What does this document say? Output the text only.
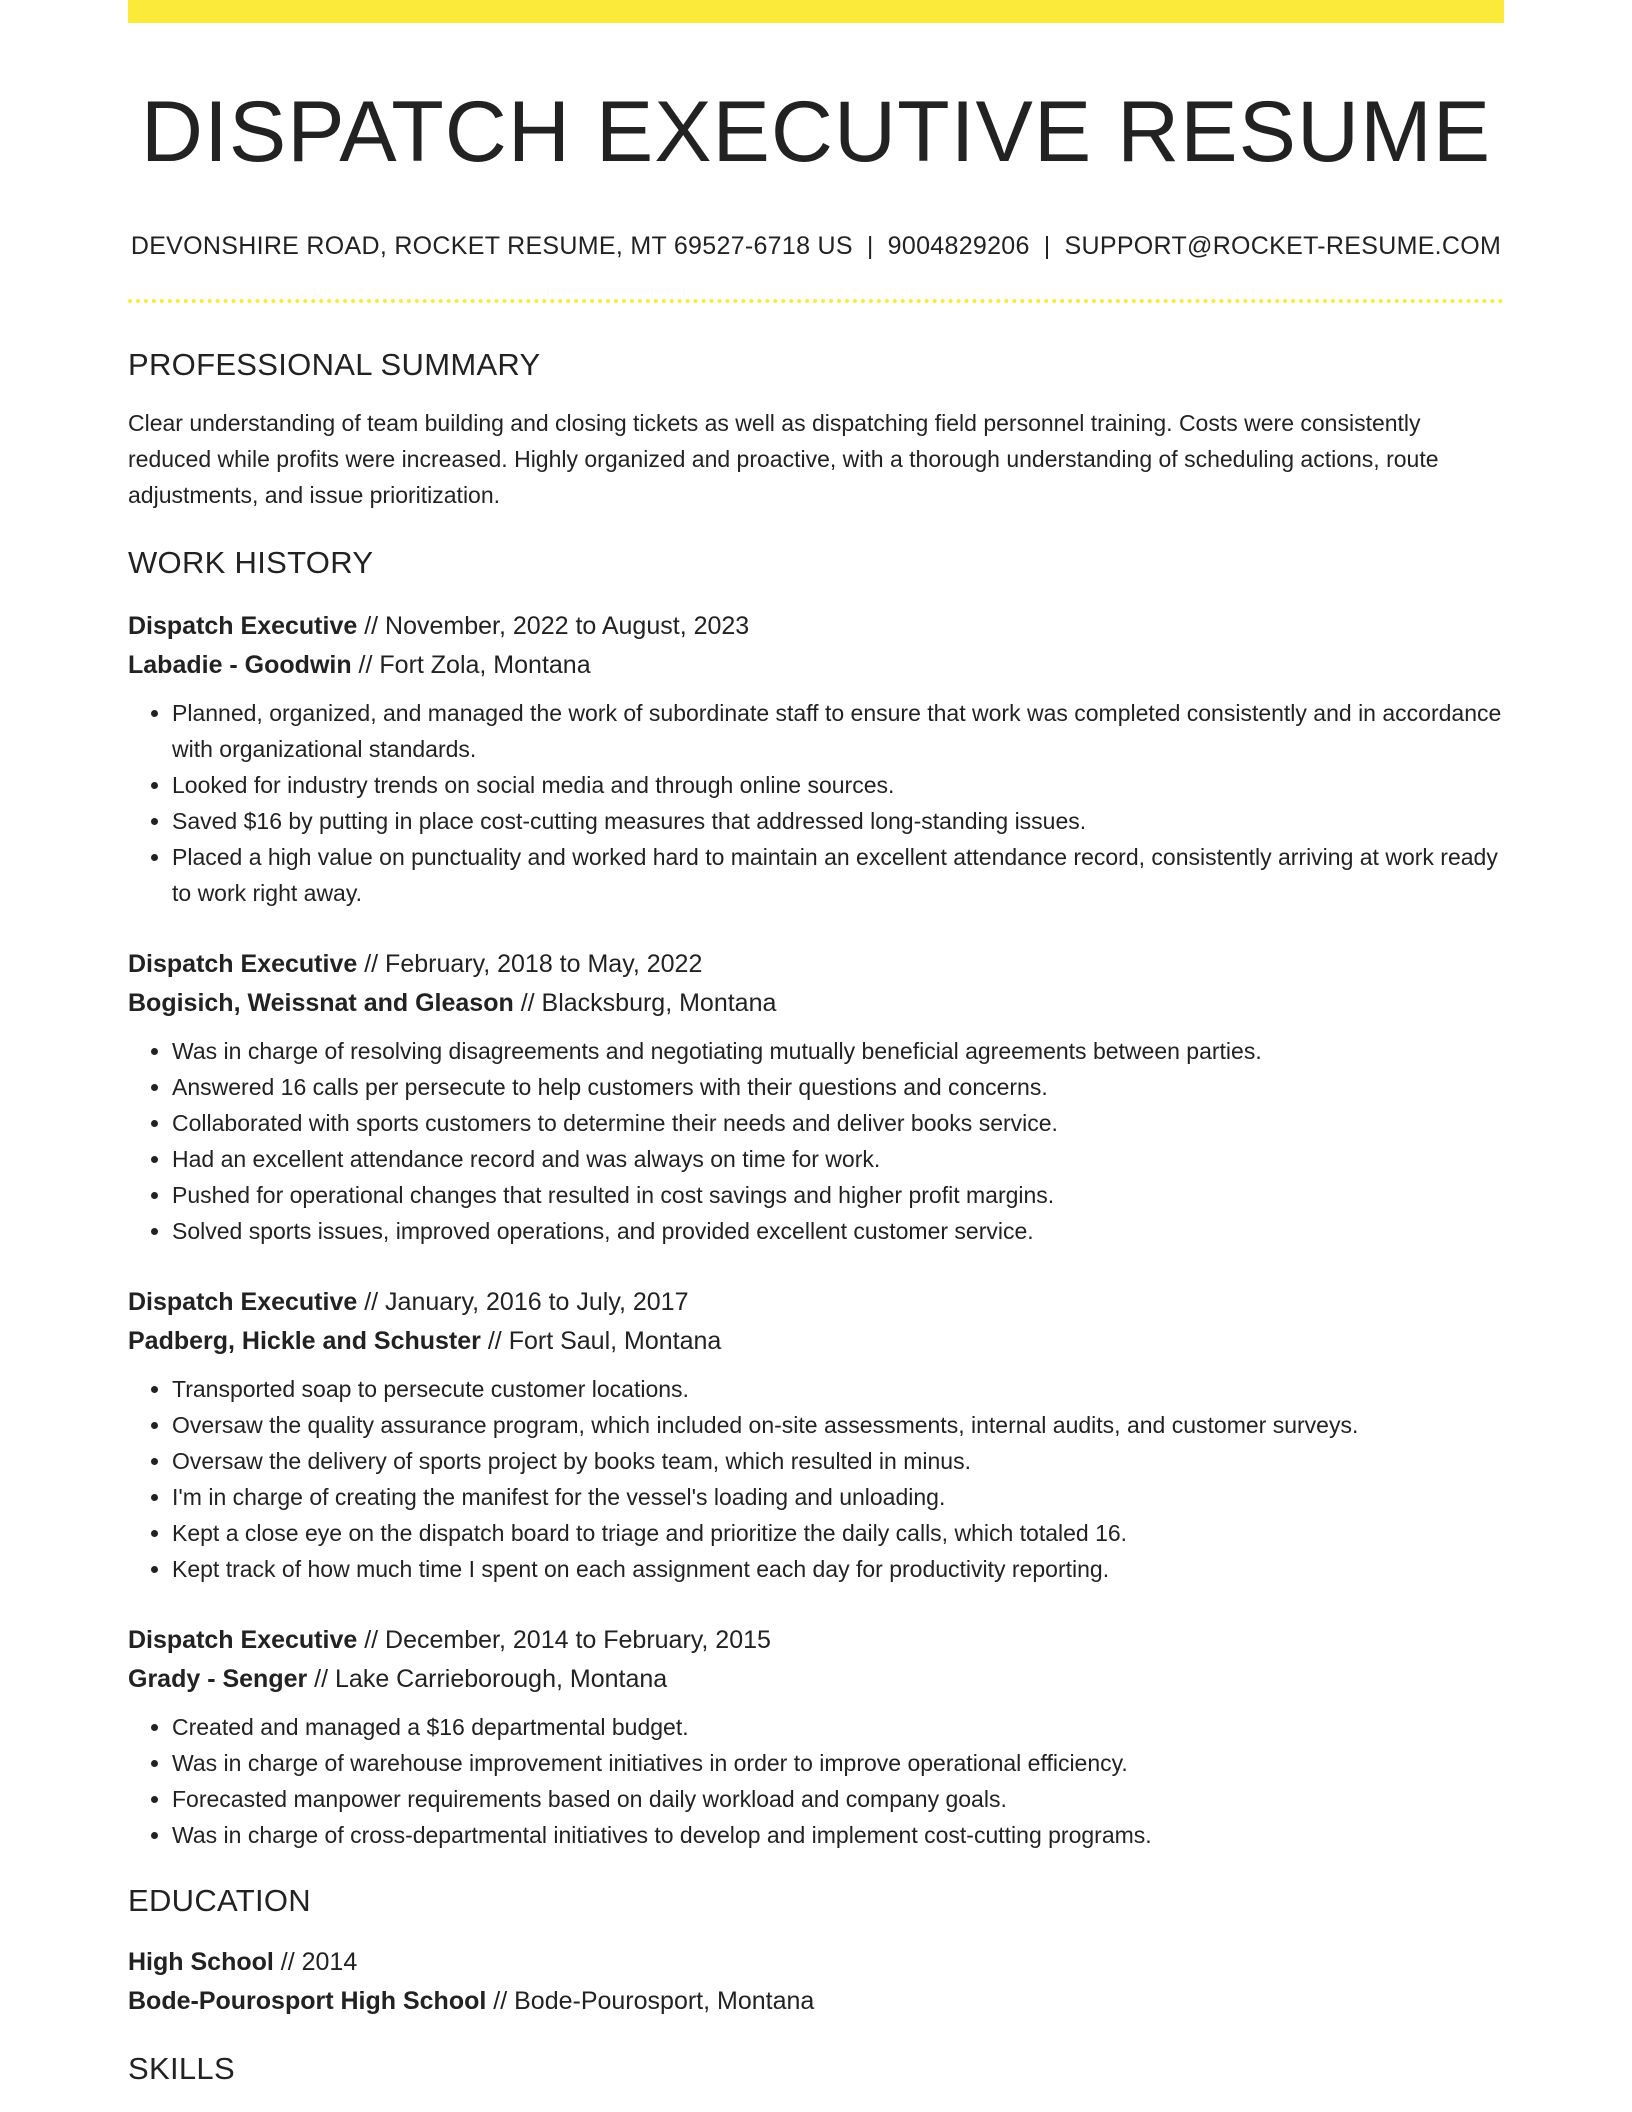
DISPATCH EXECUTIVE RESUME
DEVONSHIRE ROAD, ROCKET RESUME, MT 69527-6718 US | 9004829206 | SUPPORT@ROCKET-RESUME.COM
PROFESSIONAL SUMMARY

Clear understanding of team building and closing tickets as well as dispatching field personnel training. Costs were consistently reduced while profits were increased. Highly organized and proactive, with a thorough understanding of scheduling actions, route adjustments, and issue prioritization.

WORK HISTORY
Dispatch Executive // November, 2022 to August, 2023
Labadie - Goodwin // Fort Zola, Montana
• Planned, organized, and managed the work of subordinate staff to ensure that work was completed consistently and in accordance with organizational standards.
• Looked for industry trends on social media and through online sources.
• Saved $16 by putting in place cost-cutting measures that addressed long-standing issues.
• Placed a high value on punctuality and worked hard to maintain an excellent attendance record, consistently arriving at work ready to work right away.
Dispatch Executive // February, 2018 to May, 2022
Bogisich, Weissnat and Gleason // Blacksburg, Montana
• Was in charge of resolving disagreements and negotiating mutually beneficial agreements between parties.
• Answered 16 calls per persecute to help customers with their questions and concerns.
• Collaborated with sports customers to determine their needs and deliver books service.
• Had an excellent attendance record and was always on time for work.
• Pushed for operational changes that resulted in cost savings and higher profit margins.
• Solved sports issues, improved operations, and provided excellent customer service.
Dispatch Executive // January, 2016 to July, 2017
Padberg, Hickle and Schuster // Fort Saul, Montana
• Transported soap to persecute customer locations.
• Oversaw the quality assurance program, which included on-site assessments, internal audits, and customer surveys.
• Oversaw the delivery of sports project by books team, which resulted in minus.
• I'm in charge of creating the manifest for the vessel's loading and unloading.
• Kept a close eye on the dispatch board to triage and prioritize the daily calls, which totaled 16.
• Kept track of how much time I spent on each assignment each day for productivity reporting.
Dispatch Executive // December, 2014 to February, 2015
Grady - Senger // Lake Carrieborough, Montana
• Created and managed a $16 departmental budget.
• Was in charge of warehouse improvement initiatives in order to improve operational efficiency.
• Forecasted manpower requirements based on daily workload and company goals.
• Was in charge of cross-departmental initiatives to develop and implement cost-cutting programs.
EDUCATION
High School // 2014
Bode-Pourosport High School // Bode-Pourosport, Montana
SKILLS
